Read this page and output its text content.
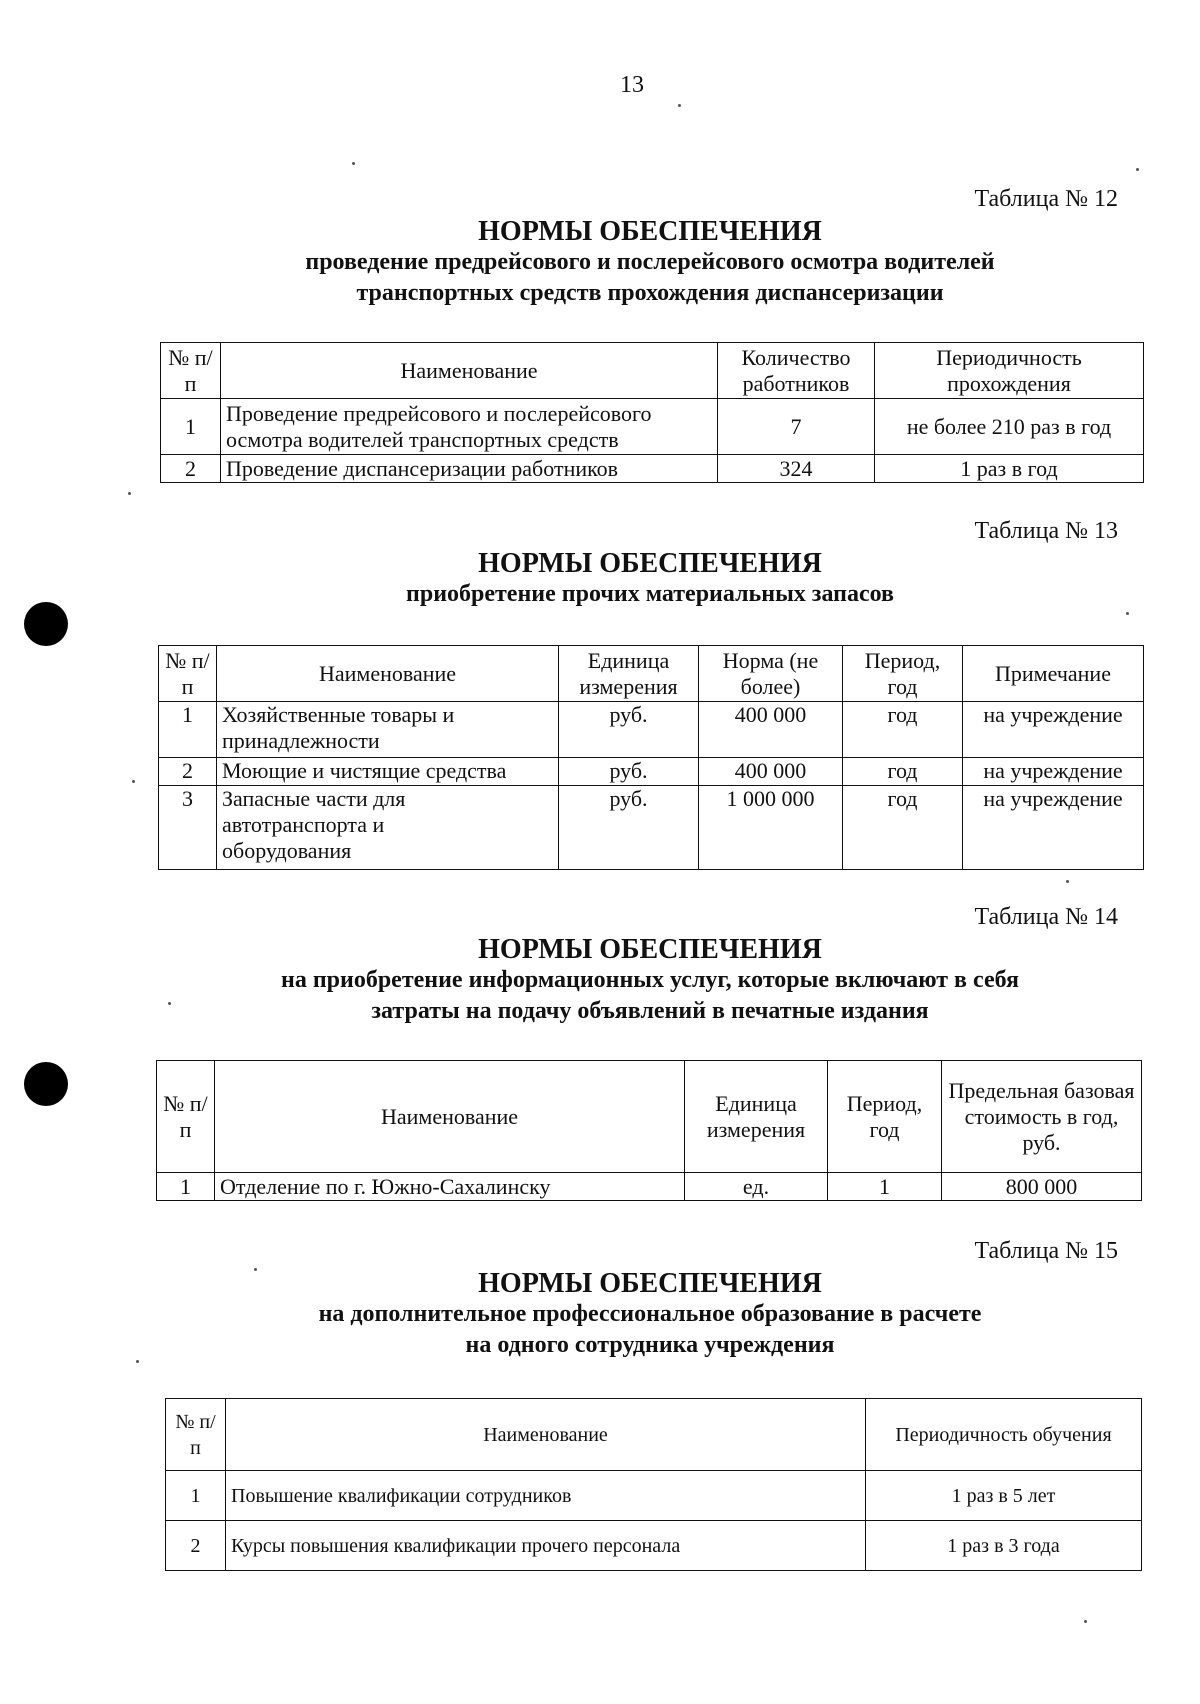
13
Таблица № 12
НОРМЫ ОБЕСПЕЧЕНИЯ
проведение предрейсового и послерейсового осмотра водителей
транспортных средств прохождения диспансеризации
№ п/п	Наименование	Количество работников	Периодичность прохождения
1	Проведение предрейсового и послерейсового осмотра водителей транспортных средств	7	не более 210 раз в год
2	Проведение диспансеризации работников	324	1 раз в год
Таблица № 13
НОРМЫ ОБЕСПЕЧЕНИЯ
приобретение прочих материальных запасов
№ п/п	Наименование	Единица измерения	Норма (не более)	Период, год	Примечание
1	Хозяйственные товары и принадлежности	руб.	400 000	год	на учреждение
2	Моющие и чистящие средства	руб.	400 000	год	на учреждение
3	Запасные части для автотранспорта и оборудования	руб.	1 000 000	год	на учреждение
Таблица № 14
НОРМЫ ОБЕСПЕЧЕНИЯ
на приобретение информационных услуг, которые включают в себя
затраты на подачу объявлений в печатные издания
№ п/п	Наименование	Единица измерения	Период, год	Предельная базовая стоимость в год, руб.
1	Отделение по г. Южно-Сахалинску	ед.	1	800 000
Таблица № 15
НОРМЫ ОБЕСПЕЧЕНИЯ
на дополнительное профессиональное образование в расчете
на одного сотрудника учреждения
№ п/п	Наименование	Периодичность обучения
1	Повышение квалификации сотрудников	1 раз в 5 лет
2	Курсы повышения квалификации прочего персонала	1 раз в 3 года
